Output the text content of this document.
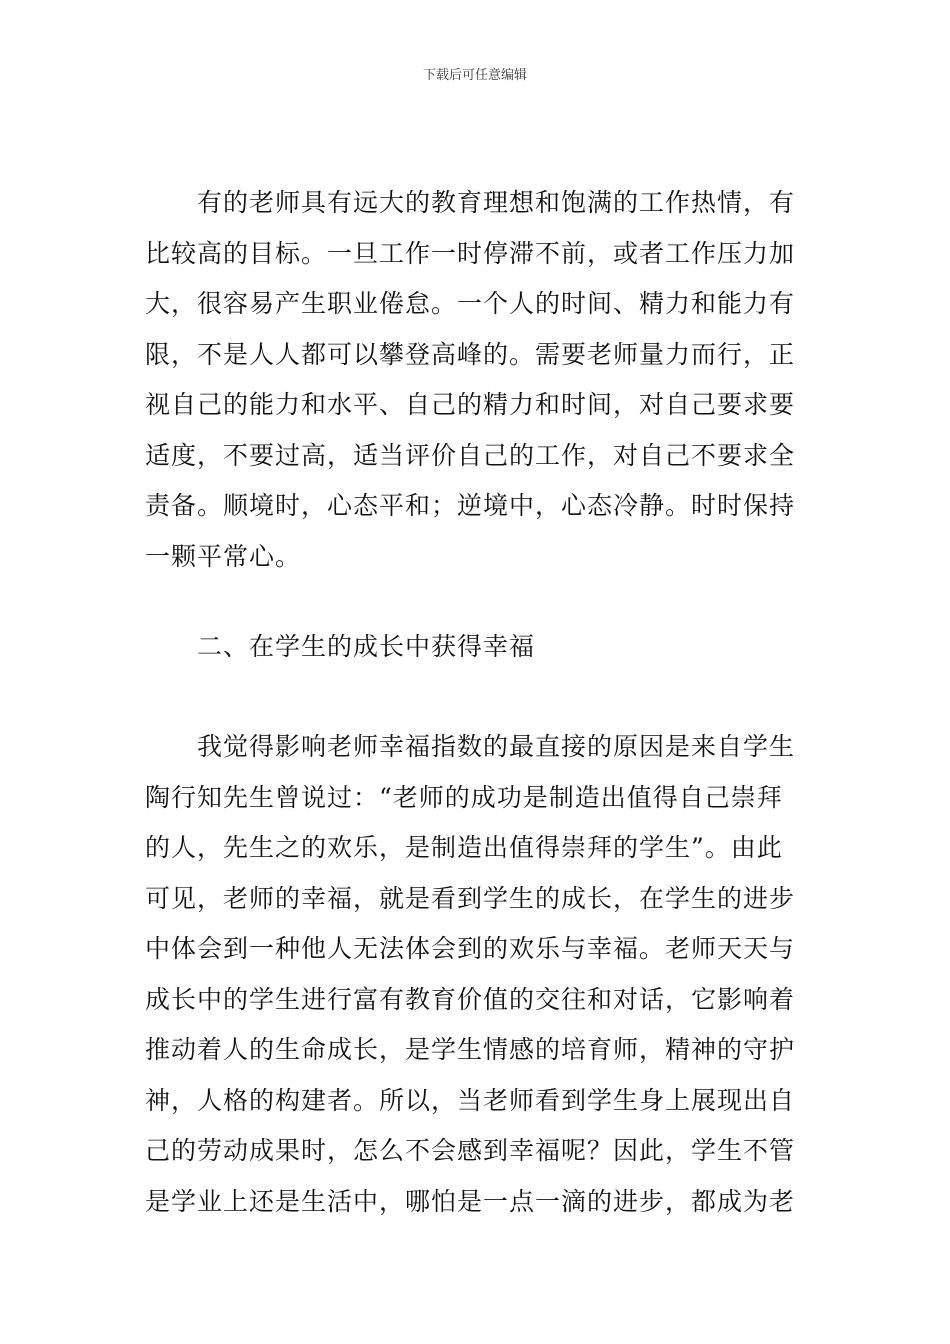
下载后可任意编辑
有的老师具有远大的教育理想和饱满的工作热情，有
比较高的目标。一旦工作一时停滞不前，或者工作压力加
大，很容易产生职业倦怠。一个人的时间、精力和能力有
限，不是人人都可以攀登高峰的。需要老师量力而行，正
视自己的能力和水平、自己的精力和时间，对自己要求要
适度，不要过高，适当评价自己的工作，对自己不要求全
责备。顺境时，心态平和；逆境中，心态冷静。时时保持
一颗平常心。
二、在学生的成长中获得幸福
我觉得影响老师幸福指数的最直接的原因是来自学生
陶行知先生曾说过：“老师的成功是制造出值得自己崇拜
的人，先生之的欢乐，是制造出值得崇拜的学生”。由此
可见，老师的幸福，就是看到学生的成长，在学生的进步
中体会到一种他人无法体会到的欢乐与幸福。老师天天与
成长中的学生进行富有教育价值的交往和对话，它影响着
推动着人的生命成长，是学生情感的培育师，精神的守护
神，人格的构建者。所以，当老师看到学生身上展现出自
己的劳动成果时，怎么不会感到幸福呢？因此，学生不管
是学业上还是生活中，哪怕是一点一滴的进步，都成为老
